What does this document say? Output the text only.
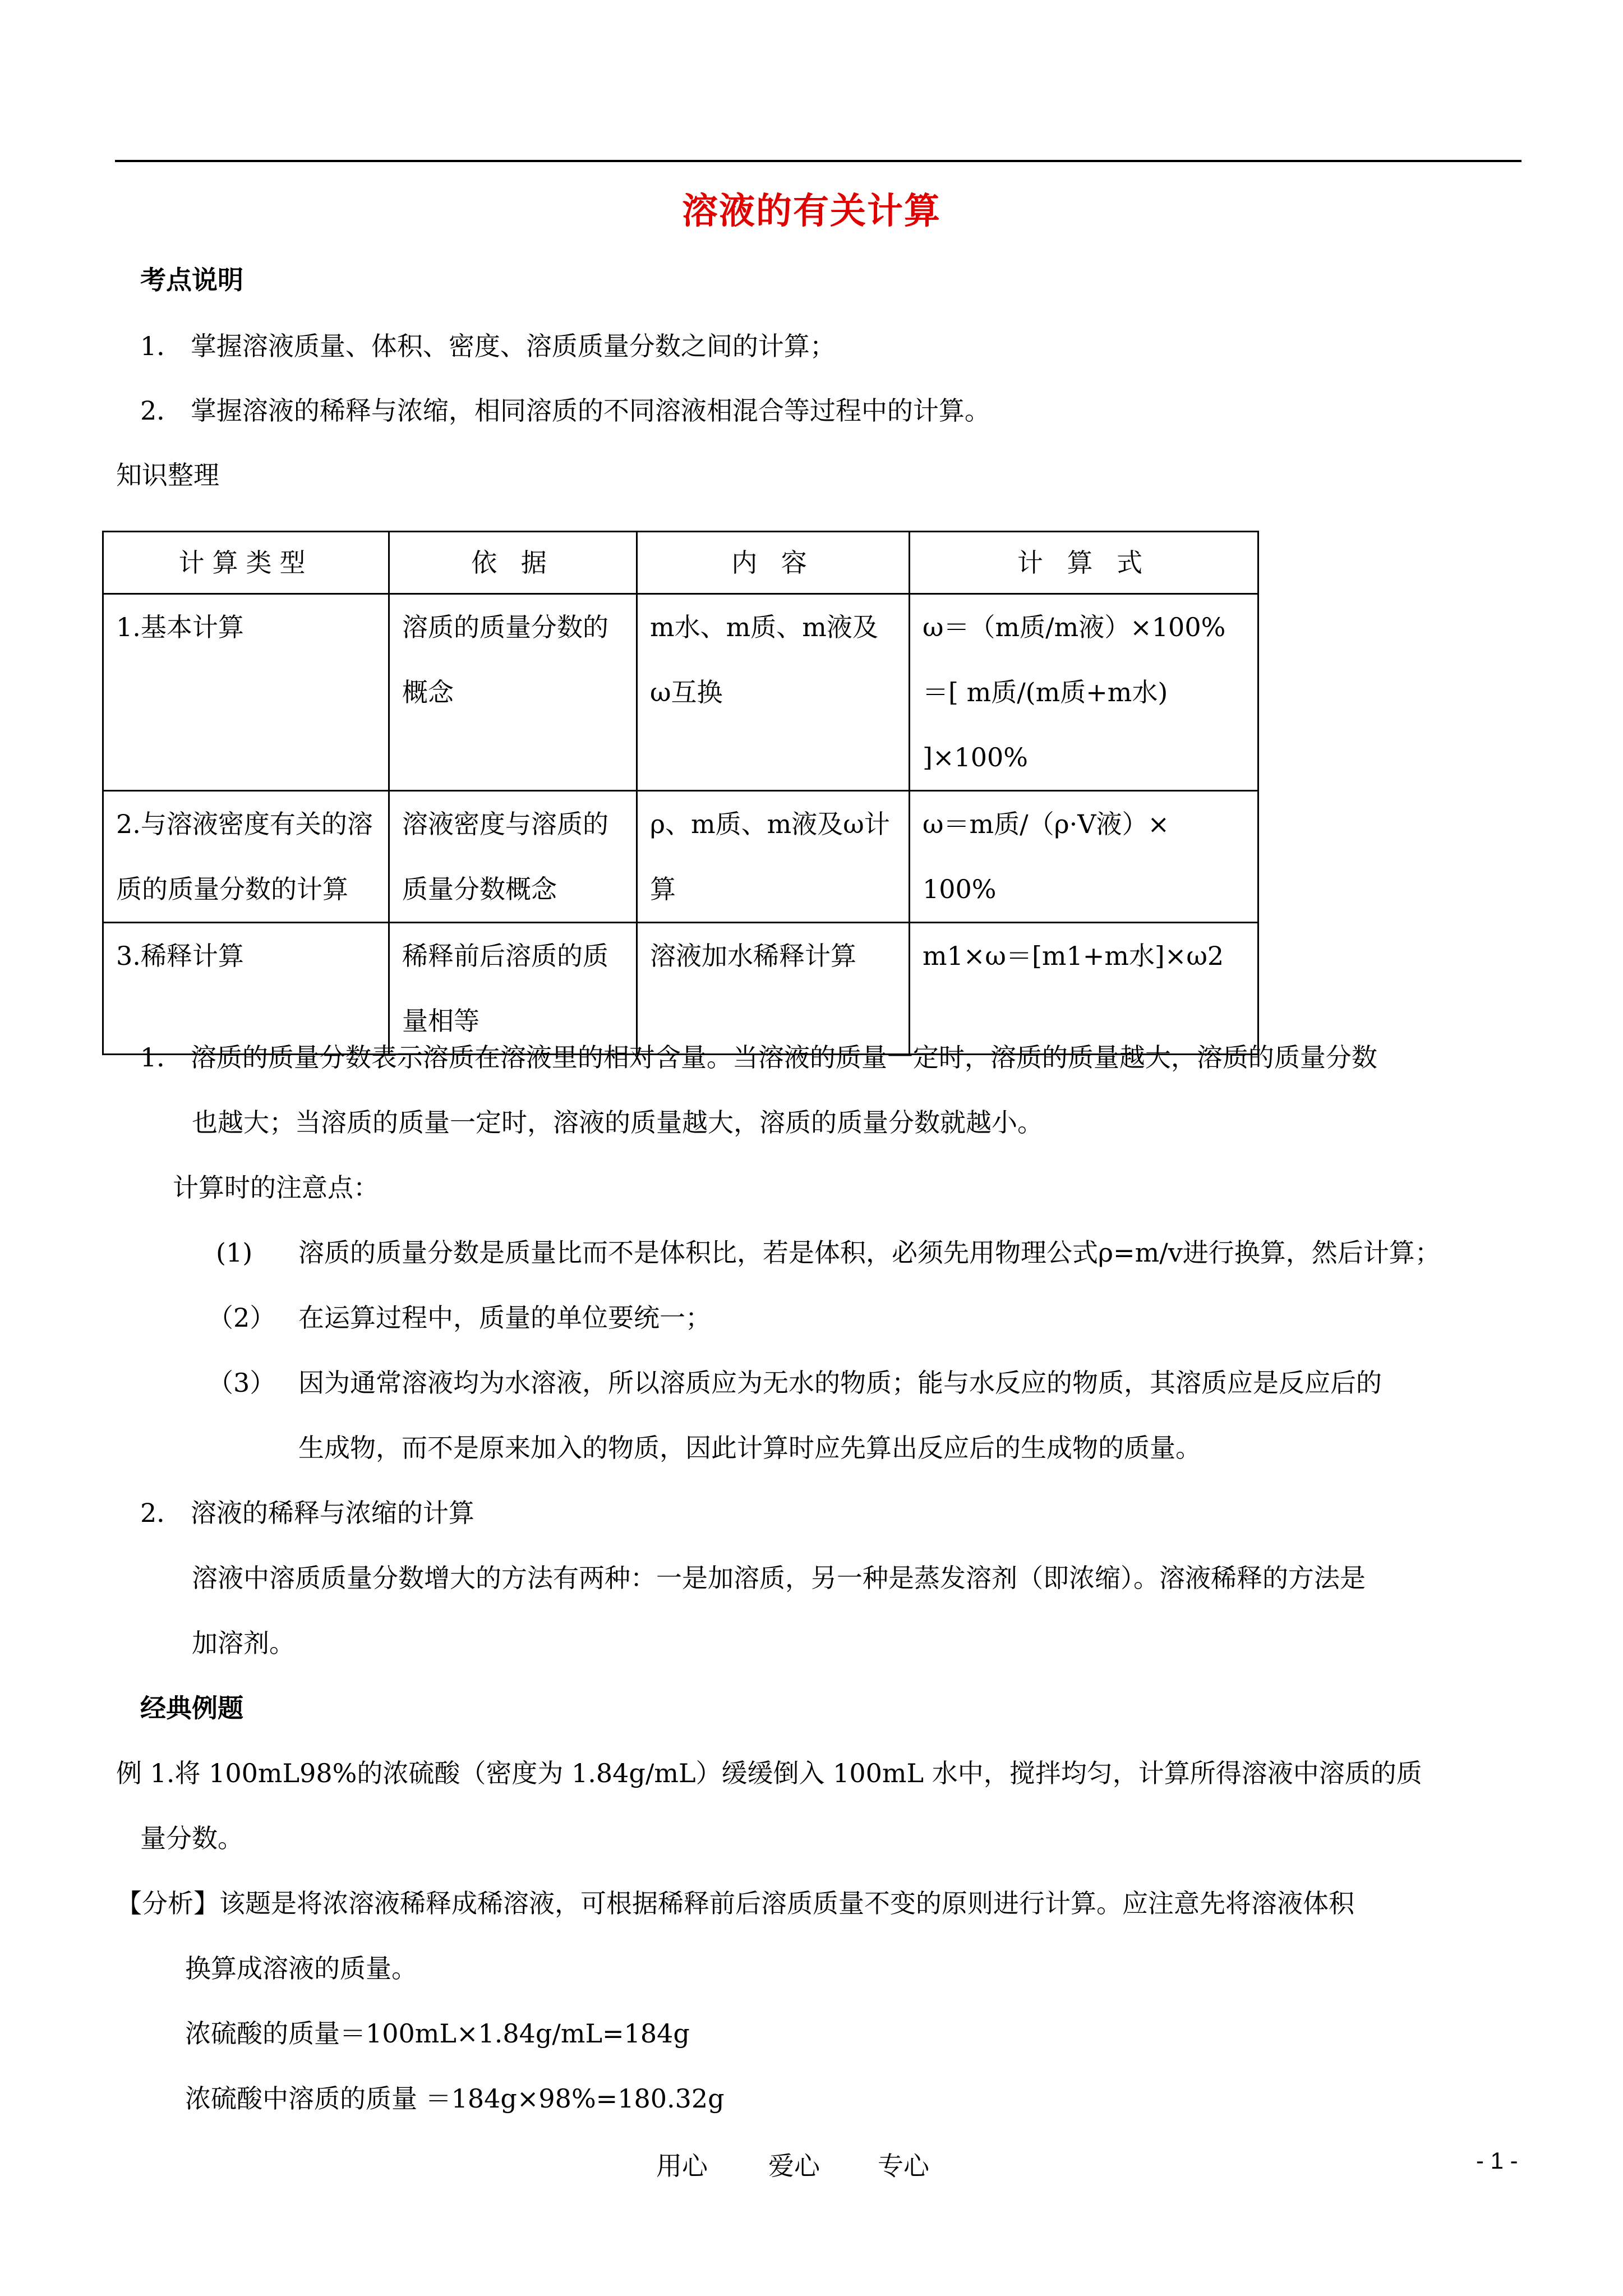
溶液的有关计算
考点说明
1． 掌握溶液质量、体积、密度、溶质质量分数之间的计算；
2． 掌握溶液的稀释与浓缩，相同溶质的不同溶液相混合等过程中的计算。
知识整理
计算类型	依 据	内 容	计 算 式
1.基本计算	溶质的质量分数的概念	m水、m质、m液及ω互换	ω＝（m质/m液）×100%
＝[ m质/(m质+m水) ]×100%

2.与溶液密度有关的溶质的质量分数的计算	溶液密度与溶质的质量分数概念	ρ、m质、m液及ω计算	ω＝m质/（ρ·V液）×
100%

3.稀释计算	稀释前后溶质的质量相等	溶液加水稀释计算	m1×ω＝[m1+m水]×ω2
1． 溶质的质量分数表示溶质在溶液里的相对含量。当溶液的质量一定时，溶质的质量越大，溶质的质量分数
也越大；当溶质的质量一定时，溶液的质量越大，溶质的质量分数就越小。
计算时的注意点：
(1) 溶质的质量分数是质量比而不是体积比，若是体积，必须先用物理公式ρ=m/v进行换算，然后计算；
（2） 在运算过程中，质量的单位要统一；
（3） 因为通常溶液均为水溶液，所以溶质应为无水的物质；能与水反应的物质，其溶质应是反应后的
生成物，而不是原来加入的物质，因此计算时应先算出反应后的生成物的质量。
2． 溶液的稀释与浓缩的计算
溶液中溶质质量分数增大的方法有两种：一是加溶质，另一种是蒸发溶剂（即浓缩）。溶液稀释的方法是
加溶剂。
经典例题
例 1.将 100mL98%的浓硫酸（密度为 1.84g/mL）缓缓倒入 100mL 水中，搅拌均匀，计算所得溶液中溶质的质
量分数。
【分析】该题是将浓溶液稀释成稀溶液，可根据稀释前后溶质质量不变的原则进行计算。应注意先将溶液体积
换算成溶液的质量。
浓硫酸的质量＝100mL×1.84g/mL=184g
浓硫酸中溶质的质量 ＝184g×98%=180.32g
用心 爱心 专心	- 1 -
